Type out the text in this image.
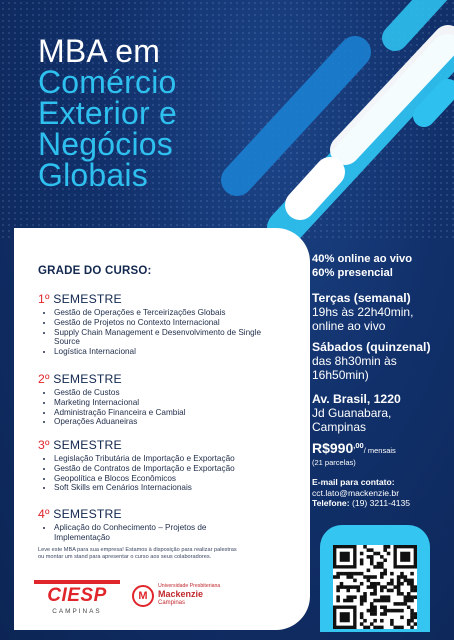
MBA em
Comércio
Exterior e
Negócios
Globais
GRADE DO CURSO:
1º SEMESTRE
• Gestão de Operações e Terceirizações Globais
• Gestão de Projetos no Contexto Internacional
• Supply Chain Management e Desenvolvimento de Single Source
• Logística Internacional
2º SEMESTRE
• Gestão de Custos
• Marketing Internacional
• Administração Financeira e Cambial
• Operações Aduaneiras
3º SEMESTRE
• Legislação Tributária de Importação e Exportação
• Gestão de Contratos de Importação e Exportação
• Geopolítica e Blocos Econômicos
• Soft Skills em Cenários Internacionais
4º SEMESTRE
• Aplicação do Conhecimento – Projetos de Implementação
Leve este MBA para sua empresa! Estamos à disposição para realizar palestras ou montar um stand para apresentar o curso aos seus colaboradores.
CIESP
CAMPINAS
M
Universidade Presbiteriana
Mackenzie
Campinas
40% online ao vivo
60% presencial
Terças (semanal)
19hs às 22h40min,
online ao vivo
Sábados (quinzenal)
das 8h30min às
16h50min)
Av. Brasil, 1220
Jd Guanabara,
Campinas
$R\$990^{,00}/$ mensais
(21 parcelas)
E-mail para contato:
cct.lato@mackenzie.br
Telefone: (19) 3211-4135
